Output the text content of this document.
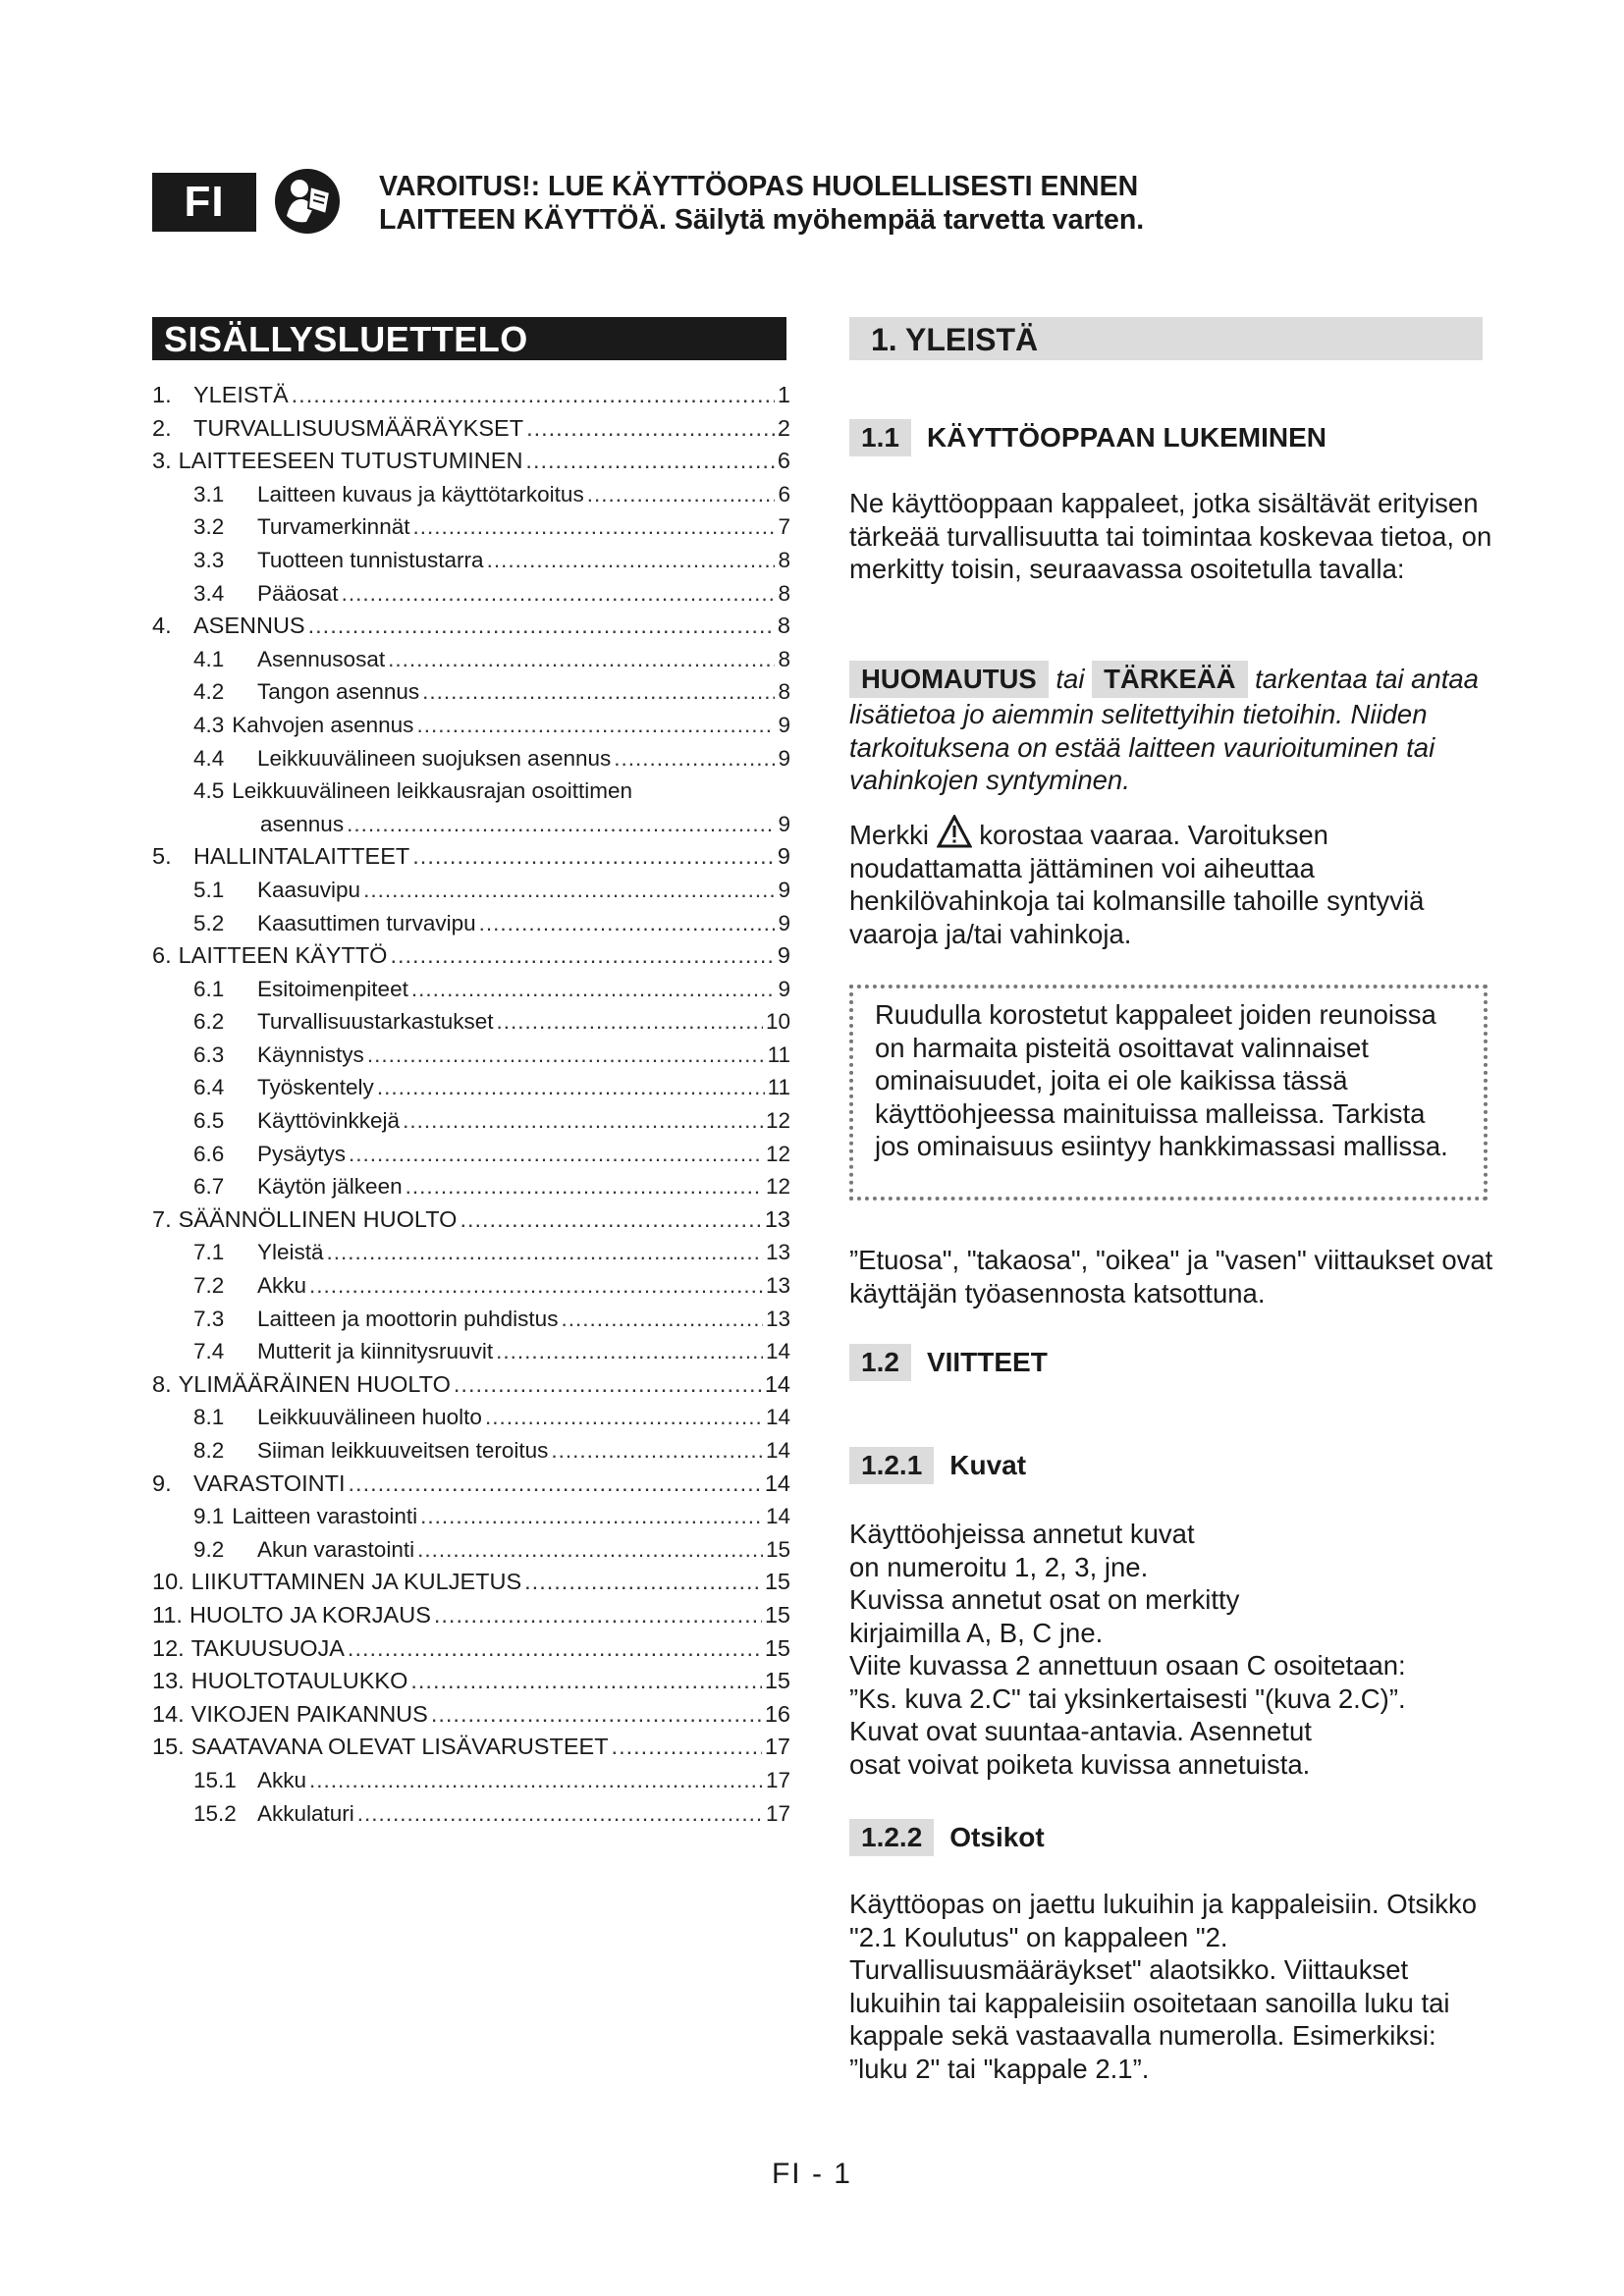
FI	VAROITUS!: LUE KÄYTTÖOPAS HUOLELLISESTI ENNEN
LAITTEEN KÄYTTÖÄ. Säilytä myöhempää tarvetta varten.
SISÄLLYSLUETTELO
1. YLEISTÄ .....	1
2. TURVALLISUUSMÄÄRÄYKSET .....	2
3. LAITTEESEEN TUTUSTUMINEN .....	6
3.1	Laitteen kuvaus ja käyttötarkoitus .....	6
3.2	Turvamerkinnät .....	7
3.3	Tuotteen tunnistustarra .....	8
3.4	Pääosat .....	8
4. ASENNUS .....	8
4.1	Asennusosat .....	8
4.2	Tangon asennus .....	8
4.3 Kahvojen asennus .....	9
4.4	Leikkuuvälineen suojuksen asennus .....	9
4.5 Leikkuuvälineen leikkausrajan osoittimen
asennus .....	9
5. HALLINTALAITTEET .....	9
5.1	Kaasuvipu .....	9
5.2	Kaasuttimen turvavipu .....	9
6. LAITTEEN KÄYTTÖ .....	9
6.1	Esitoimenpiteet .....	9
6.2	Turvallisuustarkastukset .....	10
6.3	Käynnistys .....	11
6.4	Työskentely .....	11
6.5	Käyttövinkkejä .....	12
6.6	Pysäytys .....	12
6.7	Käytön jälkeen .....	12
7. SÄÄNNÖLLINEN HUOLTO .....	13
7.1	Yleistä .....	13
7.2	Akku .....	13
7.3	Laitteen ja moottorin puhdistus .....	13
7.4	Mutterit ja kiinnitysruuvit .....	14
8. YLIMÄÄRÄINEN HUOLTO .....	14
8.1	Leikkuuvälineen huolto .....	14
8.2	Siiman leikkuuveitsen teroitus .....	14
9. VARASTOINTI .....	14
9.1 Laitteen varastointi .....	14
9.2	Akun varastointi .....	15
10. LIIKUTTAMINEN JA KULJETUS .....	15
11. HUOLTO JA KORJAUS .....	15
12. TAKUUSUOJA .....	15
13. HUOLTOTAULUKKO .....	15
14. VIKOJEN PAIKANNUS .....	16
15. SAATAVANA OLEVAT LISÄVARUSTEET .....	17
15.1 Akku .....	17
15.2 Akkulaturi .....	17
1. YLEISTÄ
1.1	KÄYTTÖOPPAAN LUKEMINEN
Ne käyttöoppaan kappaleet, jotka sisältävät erityisen tärkeää turvallisuutta tai toimintaa koskevaa tietoa, on merkitty toisin, seuraavassa osoitetulla tavalla:
HUOMAUTUS tai TÄRKEÄÄ tarkentaa tai antaa lisätietoa jo aiemmin selitettyihin tietoihin. Niiden tarkoituksena on estää laitteen vaurioituminen tai vahinkojen syntyminen.
Merkki korostaa vaaraa. Varoituksen noudattamatta jättäminen voi aiheuttaa henkilövahinkoja tai kolmansille tahoille syntyviä vaaroja ja/tai vahinkoja.
Ruudulla korostetut kappaleet joiden reunoissa on harmaita pisteitä osoittavat valinnaiset ominaisuudet, joita ei ole kaikissa tässä käyttöohjeessa mainituissa malleissa. Tarkista jos ominaisuus esiintyy hankkimassasi mallissa.
”Etuosa", "takaosa", "oikea" ja "vasen" viittaukset ovat käyttäjän työasennosta katsottuna.
1.2	VIITTEET
1.2.1	Kuvat
Käyttöohjeissa annetut kuvat
on numeroitu 1, 2, 3, jne.
Kuvissa annetut osat on merkitty
kirjaimilla A, B, C jne.
Viite kuvassa 2 annettuun osaan C osoitetaan:
”Ks. kuva 2.C" tai yksinkertaisesti "(kuva 2.C)”.
Kuvat ovat suuntaa-antavia. Asennetut
osat voivat poiketa kuvissa annetuista.
1.2.2	Otsikot
Käyttöopas on jaettu lukuihin ja kappaleisiin. Otsikko "2.1 Koulutus" on kappaleen "2. Turvallisuusmääräykset" alaotsikko. Viittaukset lukuihin tai kappaleisiin osoitetaan sanoilla luku tai kappale sekä vastaavalla numerolla. Esimerkiksi: ”luku 2" tai "kappale 2.1”.
FI - 1
